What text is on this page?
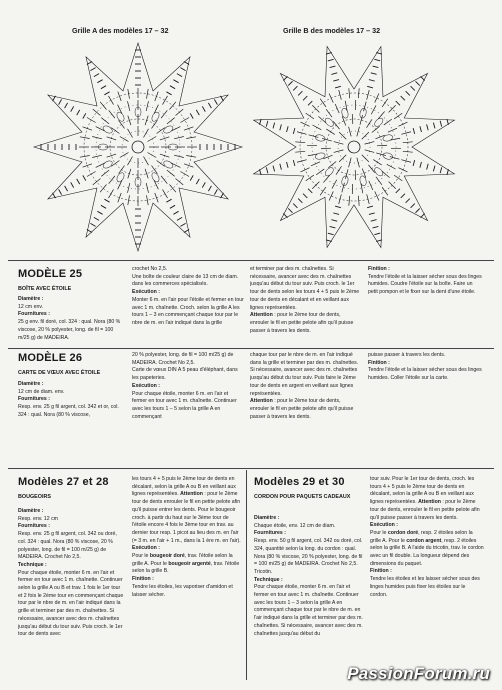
Grille A des modèles 17 – 32	Grille B des modèles 17 – 32
MODÈLE 25
BOÎTE AVEC ÉTOILE
Diamètre :
12 cm env.
Fournitures :
25 g env. fil doré, col. 324 : qual. Nora (80 % viscose, 20 % polyester, long. de fil = 100 m/25 g) de MADEIRA.
crochet No 2,5.
Une boîte de couleur claire de 13 cm de diam. dans les commerces spécialisés.
Exécution :
Monter 6 m. en l'air pour l'étoile et fermer en tour avec 1 m. chaînette. Croch. selon la grille A les tours 1 – 3 en commençant chaque tour par le nbre de m. en l'air indiqué dans la grille
et terminer par des m. chaînettes. Si nécessaire, avancer avec des m. chaînettes jusqu'au début du tour suiv. Puis croch. le 1er tour de dents selon les tours 4 + 5 puis le 2ème tour de dents en décalant et en veillant aux lignes représentées.
Attention : pour le 2ème tour de dents, enrouler le fil en petite pelote afin qu'il puisse passer à travers les dents.
Finition :
Tendre l'étoile et la laisser sécher sous des linges humides. Coudre l'étoile sur la boîte. Faire un petit pompon et le fixer sur la dent d'une étoile.
MODÈLE 26
CARTE DE VŒUX AVEC ÉTOILE
Diamètre :
12 cm de diam. env.
Fournitures :
Resp. env. 25 g fil argent, col. 342 et or, col. 324 : qual. Nora (80 % viscose,
20 % polyester, long. de fil = 100 m/25 g) de MADEIRA. Crochet No 2,5.
Carte de vœux DIN A 5 peau d'éléphant, dans les papeteries.
Exécution :
Pour chaque étoile, monter 6 m. en l'air et fermer en tour avec 1 m. chaînette. Continuer avec les tours 1 – 5 selon la grille A en commençant
chaque tour par le nbre de m. en l'air indiqué dans la grille et terminer par des m. chaînettes. Si nécessaire, avancer avec des m. chaînettes jusqu'au début du tour suiv. Puis faire le 2ème tour de dents en argent en veillant aux lignes représentées.
Attention : pour le 2ème tour de dents, enrouler le fil en petite pelote afin qu'il puisse passer à travers les dents.
puisse passer à travers les dents.
Finition :
Tendre l'étoile et la laisser sécher sous des linges humides. Coller l'étoile sur la carte.
Modèles 27 et 28
BOUGEOIRS
Diamètre :
Resp. env. 12 cm
Fournitures :
Resp. env. 25 g fil argent, col. 342 ou doré, col. 324 : qual. Nora (80 % viscose, 20 % polyester, long. de fil = 100 m/25 g) de MADEIRA. Crochet No 2,5.
Technique :
Pour chaque étoile, monter 6 m. en l'air et fermer en tour avec 1 m. chaînette. Continuer selon la grille A ou B et trav. 1 fois le 1er tour et 2 fois le 2ème tour en commençant chaque tour par le nbre de m. en l'air indiqué dans la grille et terminer par des m. chaînettes. Si nécessaire, avancer avec des m. chaînettes jusqu'au début du tour suiv. Puis croch. le 1er tour de dents avec
les tours 4 + 5 puis le 2ème tour de dents en décalant, selon la grille A ou B en veillant aux lignes représentées. Attention : pour le 2ème tour de dents enrouler le fil en petite pelote afin qu'il puisse entrer les dents. Pour le bougeoir croch. à partir du haut sur le 3ème tour de l'étoile encore 4 fois le 3ème tour en trav. au dernier tour resp. 1 picot au lieu des m. en l'air (= 3 m. en l'air + 1 m., dans la 1 ère m. en l'air).
Exécution :
Pour le bougeoir doré, trav. l'étoile selon la grille A. Pour le bougeoir argenté, trav. l'étoile selon la grille B.
Finition :
Tendre les étoiles, les vaporiser d'amidon et laisser sécher.
Modèles 29 et 30
CORDON POUR PAQUETS CADEAUX
Diamètre :
Chaque étoile, env. 12 cm de diam.
Fournitures :
Resp. env. 50 g fil argent, col. 342 ou doré, col. 324, quantité selon la long. du cordon : qual. Nora (80 % viscose, 20 % polyester, long. de fil = 100 m/25 g) de MADEIRA. Crochet No 2,5. Tricotin.
Technique :
Pour chaque étoile, monter 6 m. en l'air et fermer en tour avec 1 m. chaînette. Continuer avec les tours 1 – 3 selon la grille A en commençant chaque tour par le nbre de m. en l'air indiqué dans la grille et terminer par des m. chaînettes. Si nécessaire, avancer avec des m. chaînettes jusqu'au début du
tour suiv. Pour le 1er tour de dents, croch. les tours 4 + 5 puis le 2ème tour de dents en décalant, selon la grille A ou B en veillant aux lignes représentées. Attention : pour le 2ème tour de dents, enrouler le fil en petite pelote afin qu'il puisse passer à travers les dents.
Exécution :
Pour le cordon doré, resp. 2 étoiles selon la grille A. Pour le cordon argent, resp. 2 étoiles selon la grille B. A l'aide du tricotin, trav. le cordon avec un fil double. La longueur dépend des dimensions du paquet.
Finition :
Tendre les étoiles et les laisser sécher sous des linges humides puis fixer les étoiles sur le cordon.
PassionForum.ru
